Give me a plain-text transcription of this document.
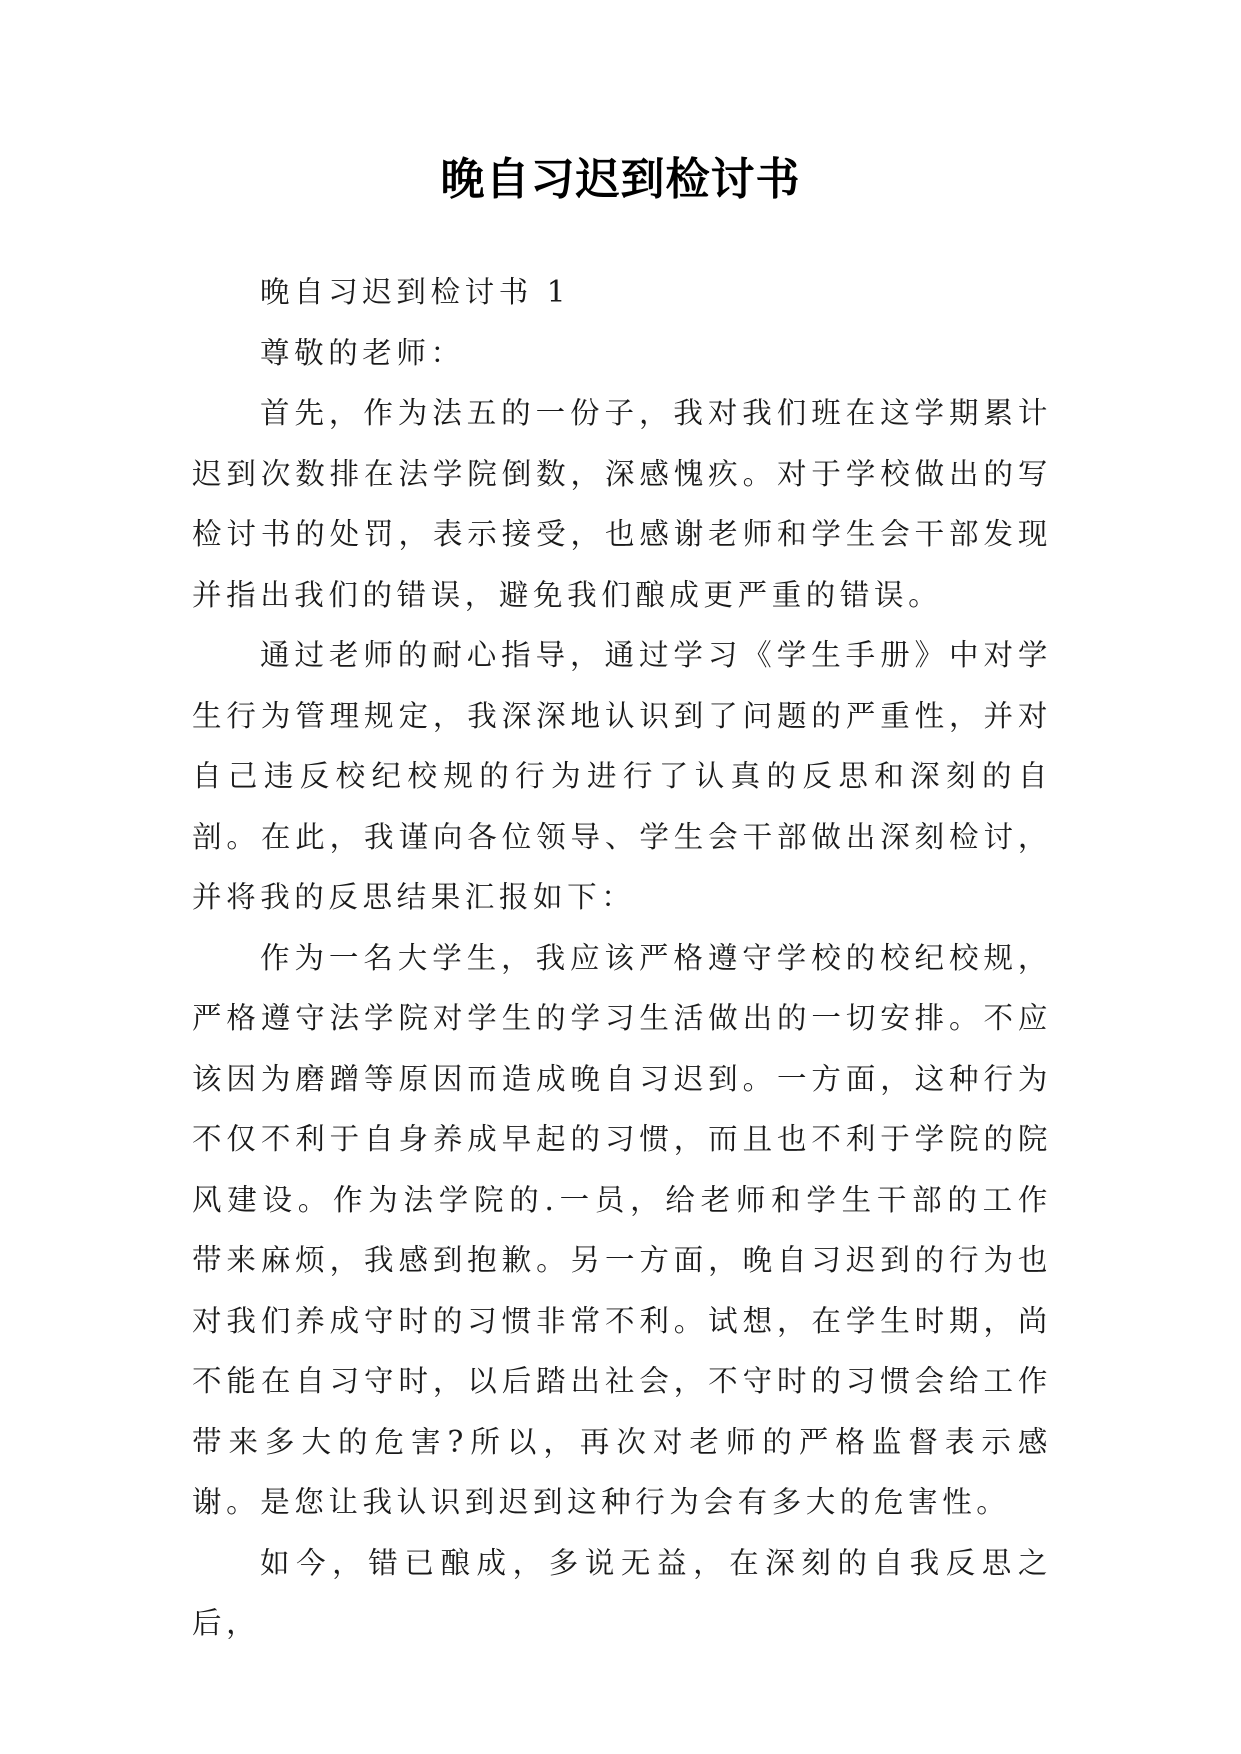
晚自习迟到检讨书

晚自习迟到检讨书 1

尊敬的老师：

首先，作为法五的一份子，我对我们班在这学期累计迟到次数排在法学院倒数，深感愧疚。对于学校做出的写检讨书的处罚，表示接受，也感谢老师和学生会干部发现并指出我们的错误，避免我们酿成更严重的错误。

通过老师的耐心指导，通过学习《学生手册》中对学生行为管理规定，我深深地认识到了问题的严重性，并对自己违反校纪校规的行为进行了认真的反思和深刻的自剖。在此，我谨向各位领导、学生会干部做出深刻检讨，并将我的反思结果汇报如下：

作为一名大学生，我应该严格遵守学校的校纪校规，严格遵守法学院对学生的学习生活做出的一切安排。不应该因为磨蹭等原因而造成晚自习迟到。一方面，这种行为不仅不利于自身养成早起的习惯，而且也不利于学院的院风建设。作为法学院的.一员，给老师和学生干部的工作带来麻烦，我感到抱歉。另一方面，晚自习迟到的行为也对我们养成守时的习惯非常不利。试想，在学生时期，尚不能在自习守时，以后踏出社会，不守时的习惯会给工作带来多大的危害?所以，再次对老师的严格监督表示感谢。是您让我认识到迟到这种行为会有多大的危害性。

如今，错已酿成，多说无益，在深刻的自我反思之后，
